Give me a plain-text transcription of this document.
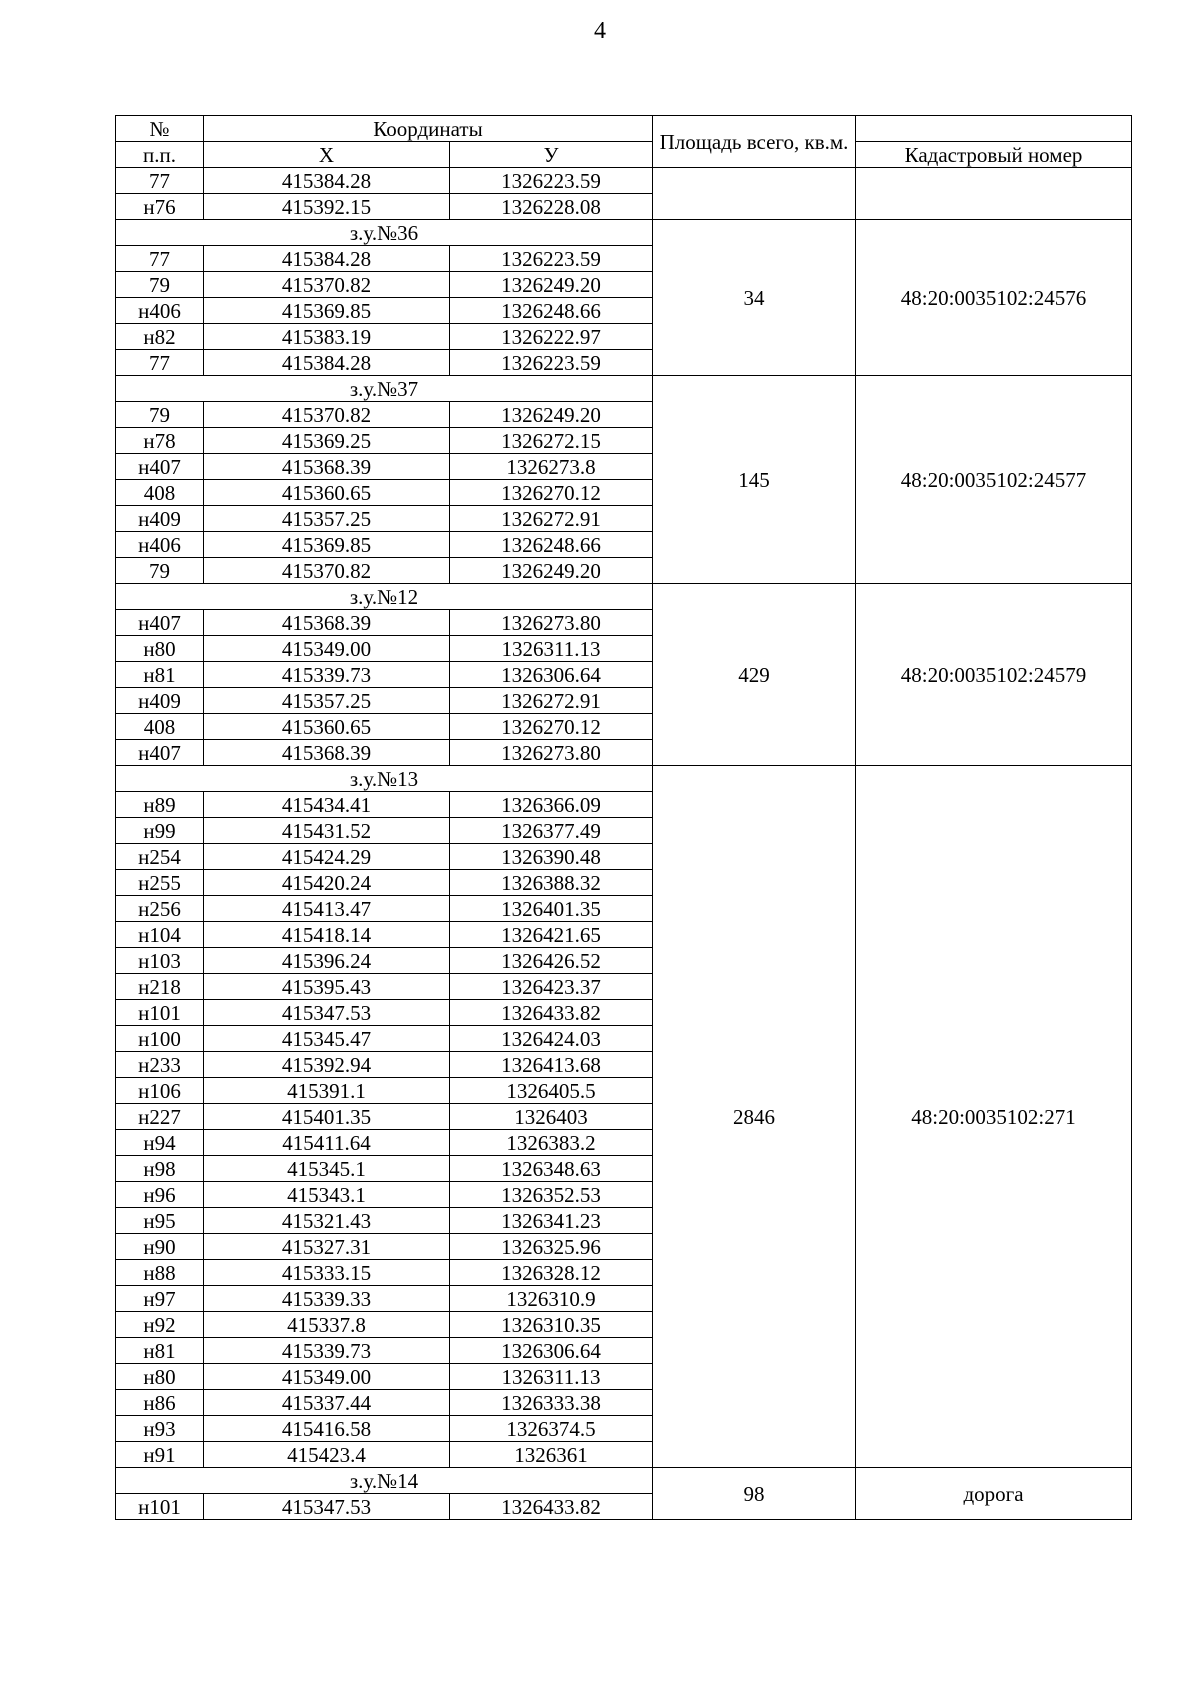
4
№	Координаты		Площадь всего, кв.м.	
п.п.	Х	У		Кадастровый номер
77	415384.28	1326223.59		
н76	415392.15	1326228.08		
з.у.№36			34	48:20:0035102:24576
77	415384.28	1326223.59		
79	415370.82	1326249.20		
н406	415369.85	1326248.66		
н82	415383.19	1326222.97		
77	415384.28	1326223.59		
з.у.№37			145	48:20:0035102:24577
79	415370.82	1326249.20		
н78	415369.25	1326272.15		
н407	415368.39	1326273.8		
408	415360.65	1326270.12		
н409	415357.25	1326272.91		
н406	415369.85	1326248.66		
79	415370.82	1326249.20		
з.у.№12			429	48:20:0035102:24579
н407	415368.39	1326273.80		
н80	415349.00	1326311.13		
н81	415339.73	1326306.64		
н409	415357.25	1326272.91		
408	415360.65	1326270.12		
н407	415368.39	1326273.80		
з.у.№13			2846	48:20:0035102:271
н89	415434.41	1326366.09		
н99	415431.52	1326377.49		
н254	415424.29	1326390.48		
н255	415420.24	1326388.32		
н256	415413.47	1326401.35		
н104	415418.14	1326421.65		
н103	415396.24	1326426.52		
н218	415395.43	1326423.37		
н101	415347.53	1326433.82		
н100	415345.47	1326424.03		
н233	415392.94	1326413.68		
н106	415391.1	1326405.5		
н227	415401.35	1326403		
н94	415411.64	1326383.2		
н98	415345.1	1326348.63		
н96	415343.1	1326352.53		
н95	415321.43	1326341.23		
н90	415327.31	1326325.96		
н88	415333.15	1326328.12		
н97	415339.33	1326310.9		
н92	415337.8	1326310.35		
н81	415339.73	1326306.64		
н80	415349.00	1326311.13		
н86	415337.44	1326333.38		
н93	415416.58	1326374.5		
н91	415423.4	1326361		
з.у.№14			98	дорога
н101	415347.53	1326433.82		
